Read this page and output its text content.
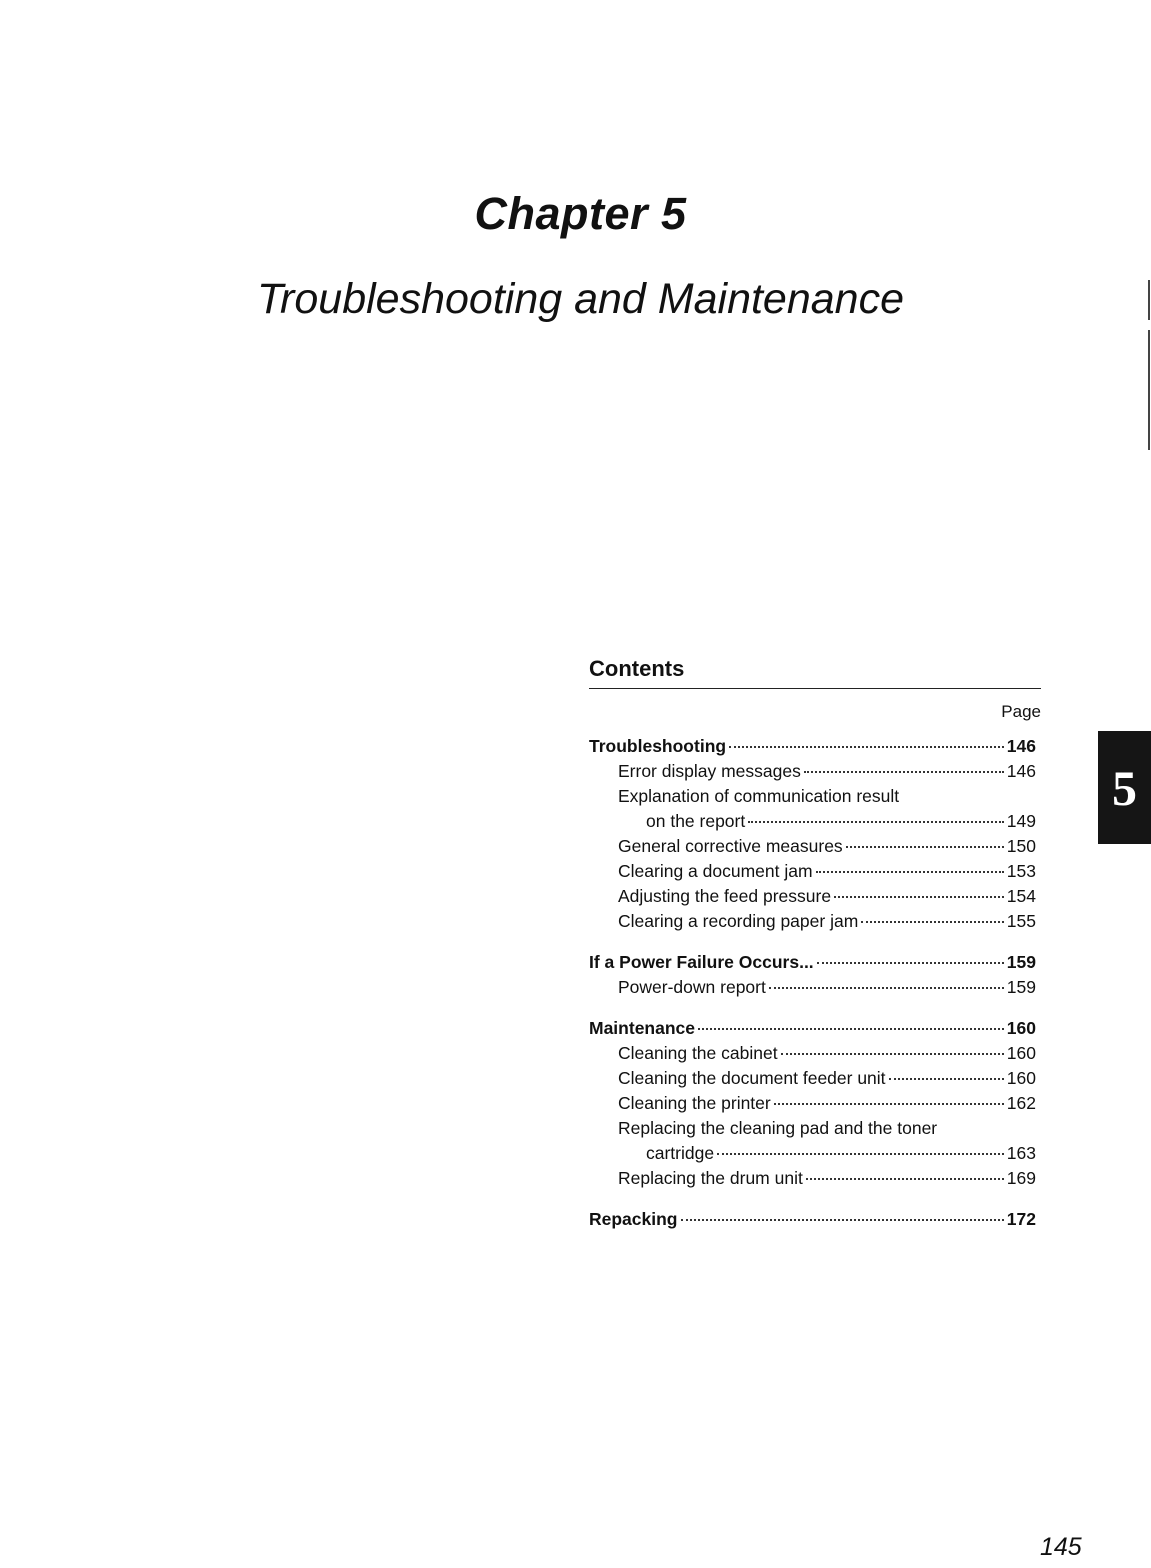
Chapter 5
Troubleshooting and Maintenance
Contents
Page
Troubleshooting	146
Error display messages	146
Explanation of communication result
on the report	149
General corrective measures	150
Clearing a document jam	153
Adjusting the feed pressure	154
Clearing a recording paper jam	155
If a Power Failure Occurs...	159
Power-down report	159
Maintenance	160
Cleaning the cabinet	160
Cleaning the document feeder unit	160
Cleaning the printer	162
Replacing the cleaning pad and the toner
cartridge	163
Replacing the drum unit	169
Repacking	172
5
145
